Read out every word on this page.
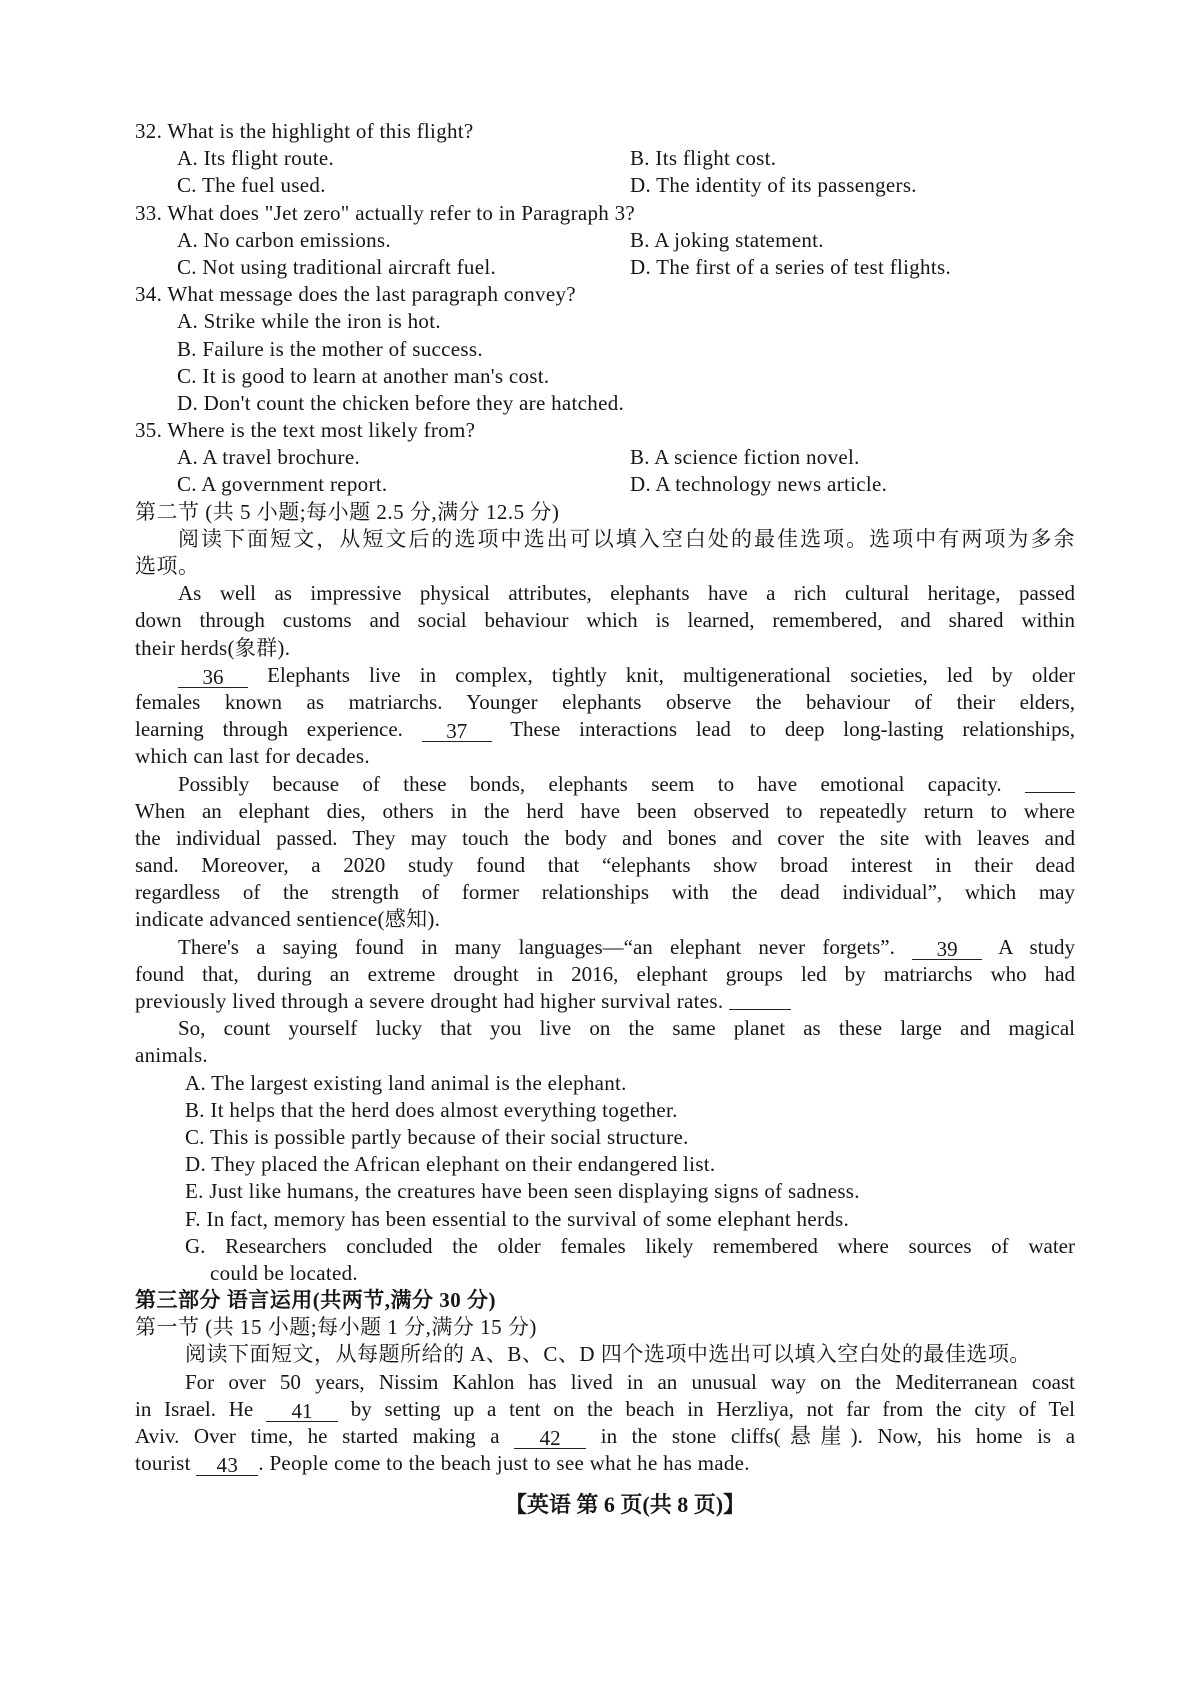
32. What is the highlight of this flight?
A. Its flight route.	B. Its flight cost.
C. The fuel used.	D. The identity of its passengers.
33. What does "Jet zero" actually refer to in Paragraph 3?
A. No carbon emissions.	B. A joking statement.
C. Not using traditional aircraft fuel.	D. The first of a series of test flights.
34. What message does the last paragraph convey?
A. Strike while the iron is hot.
B. Failure is the mother of success.
C. It is good to learn at another man's cost.
D. Don't count the chicken before they are hatched.
35. Where is the text most likely from?
A. A travel brochure.	B. A science fiction novel.
C. A government report.	D. A technology news article.
第二节 (共 5 小题;每小题 2.5 分,满分 12.5 分)
阅读下面短文，从短文后的选项中选出可以填入空白处的最佳选项。选项中有两项为多余
选项。
As well as impressive physical attributes, elephants have a rich cultural heritage, passed
down through customs and social behaviour which is learned, remembered, and shared within
their herds(象群).
36 Elephants live in complex, tightly knit, multigenerational societies, led by older
females known as matriarchs. Younger elephants observe the behaviour of their elders,
learning through experience. 37 These interactions lead to deep long-lasting relationships,
which can last for decades.
Possibly because of these bonds, elephants seem to have emotional capacity.
When an elephant dies, others in the herd have been observed to repeatedly return to where
the individual passed. They may touch the body and bones and cover the site with leaves and
sand. Moreover, a 2020 study found that “elephants show broad interest in their dead
regardless of the strength of former relationships with the dead individual”, which may
indicate advanced sentience(感知).
There's a saying found in many languages—“an elephant never forgets”. 39 A study
found that, during an extreme drought in 2016, elephant groups led by matriarchs who had
previously lived through a severe drought had higher survival rates.
So, count yourself lucky that you live on the same planet as these large and magical
animals.
A. The largest existing land animal is the elephant.
B. It helps that the herd does almost everything together.
C. This is possible partly because of their social structure.
D. They placed the African elephant on their endangered list.
E. Just like humans, the creatures have been seen displaying signs of sadness.
F. In fact, memory has been essential to the survival of some elephant herds.
G. Researchers concluded the older females likely remembered where sources of water
could be located.
第三部分 语言运用(共两节,满分 30 分)
第一节 (共 15 小题;每小题 1 分,满分 15 分)
阅读下面短文，从每题所给的 A、B、C、D 四个选项中选出可以填入空白处的最佳选项。
For over 50 years, Nissim Kahlon has lived in an unusual way on the Mediterranean coast
in Israel. He 41 by setting up a tent on the beach in Herzliya, not far from the city of Tel
Aviv. Over time, he started making a 42 in the stone cliffs(悬崖). Now, his home is a
tourist 43 . People come to the beach just to see what he has made.
【英语 第 6 页(共 8 页)】
